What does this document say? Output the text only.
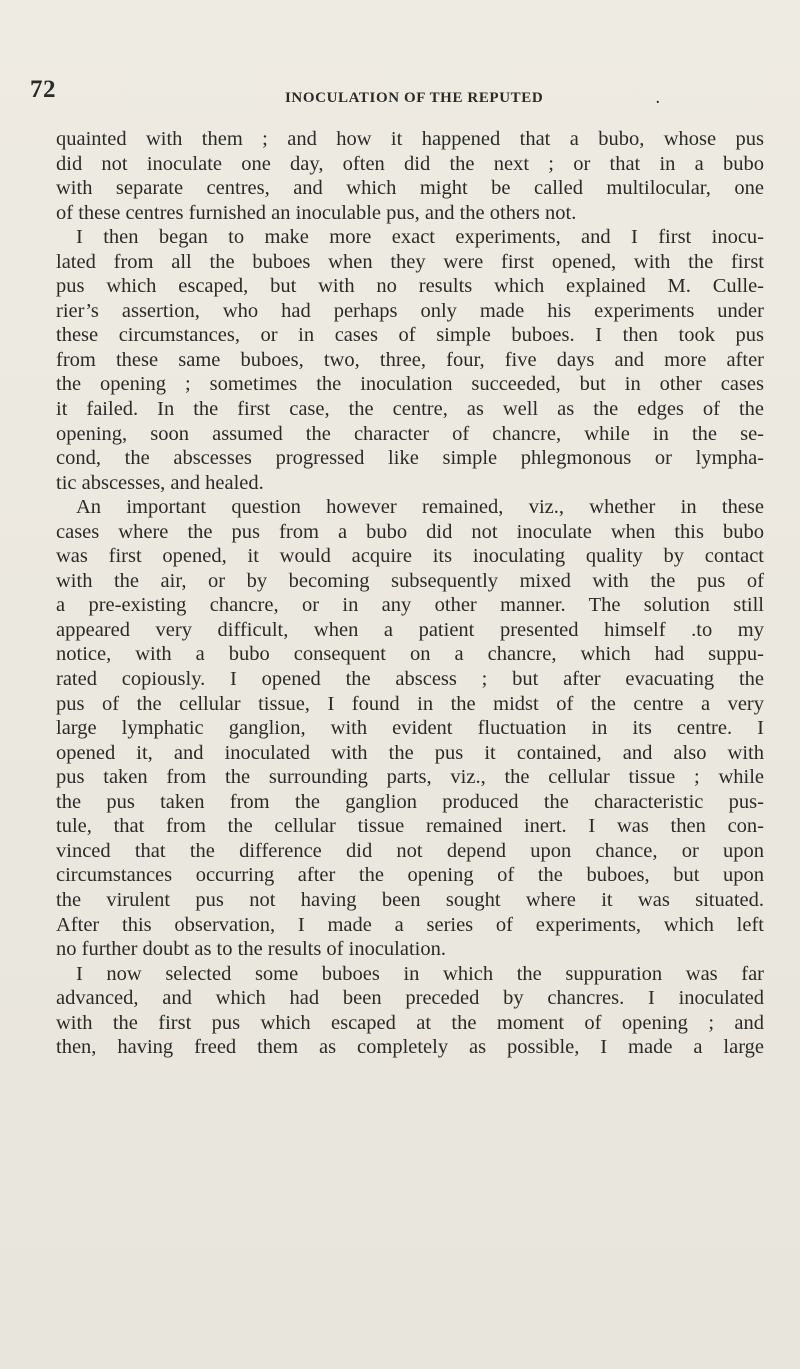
72	INOCULATION OF THE REPUTED	.
quainted with them ; and how it happened that a bubo, whose pus
did not inoculate one day, often did the next ; or that in a bubo
with separate centres, and which might be called multilocular, one
of these centres furnished an inoculable pus, and the others not.
I then began to make more exact experiments, and I first inocu-
lated from all the buboes when they were first opened, with the first
pus which escaped, but with no results which explained M. Culle-
rier’s assertion, who had perhaps only made his experiments under
these circumstances, or in cases of simple buboes. I then took pus
from these same buboes, two, three, four, five days and more after
the opening ; sometimes the inoculation succeeded, but in other cases
it failed. In the first case, the centre, as well as the edges of the
opening, soon assumed the character of chancre, while in the se-
cond, the abscesses progressed like simple phlegmonous or lympha-
tic abscesses, and healed.
An important question however remained, viz., whether in these
cases where the pus from a bubo did not inoculate when this bubo
was first opened, it would acquire its inoculating quality by contact
with the air, or by becoming subsequently mixed with the pus of
a pre-existing chancre, or in any other manner. The solution still
appeared very difficult, when a patient presented himself .to my
notice, with a bubo consequent on a chancre, which had suppu-
rated copiously. I opened the abscess ; but after evacuating the
pus of the cellular tissue, I found in the midst of the centre a very
large lymphatic ganglion, with evident fluctuation in its centre. I
opened it, and inoculated with the pus it contained, and also with
pus taken from the surrounding parts, viz., the cellular tissue ; while
the pus taken from the ganglion produced the characteristic pus-
tule, that from the cellular tissue remained inert. I was then con-
vinced that the difference did not depend upon chance, or upon
circumstances occurring after the opening of the buboes, but upon
the virulent pus not having been sought where it was situated.
After this observation, I made a series of experiments, which left
no further doubt as to the results of inoculation.
I now selected some buboes in which the suppuration was far
advanced, and which had been preceded by chancres. I inoculated
with the first pus which escaped at the moment of opening ; and
then, having freed them as completely as possible, I made a large
